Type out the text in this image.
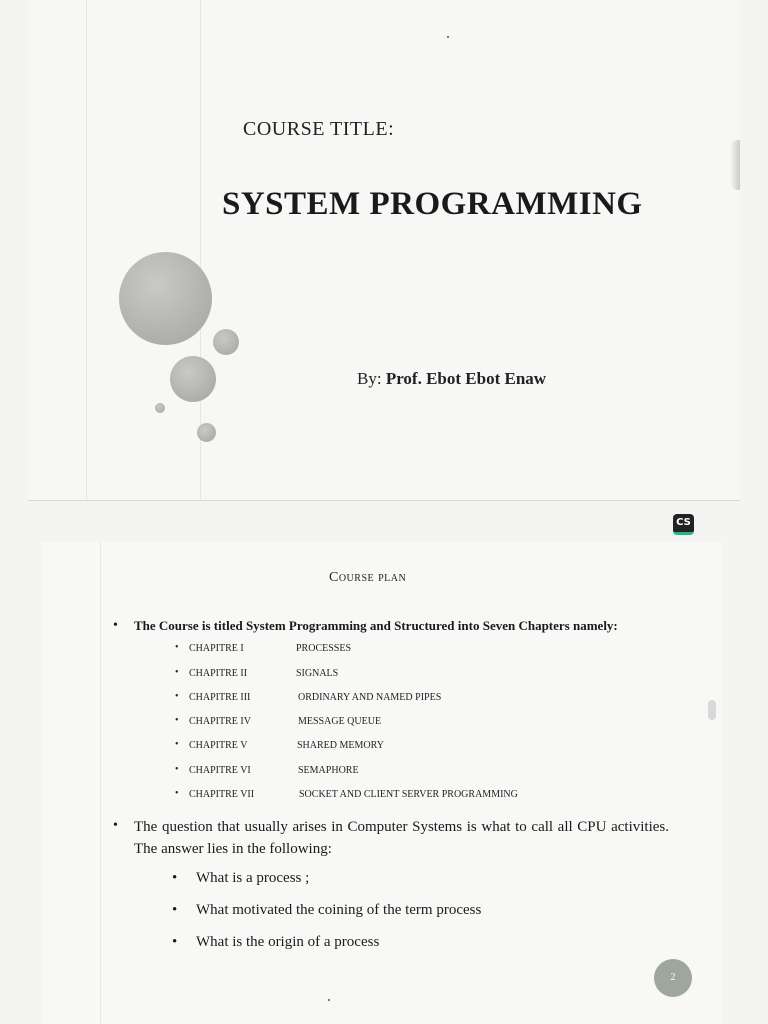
COURSE TITLE:
SYSTEM PROGRAMMING
By: Prof. Ebot Ebot Enaw
CS
Course plan
• The Course is titled System Programming and Structured into Seven Chapters namely:
• CHAPITRE I	PROCESSES
• CHAPITRE II	SIGNALS
• CHAPITRE III	ORDINARY AND NAMED PIPES
• CHAPITRE IV	MESSAGE QUEUE
• CHAPITRE V	SHARED MEMORY
• CHAPITRE VI	SEMAPHORE
• CHAPITRE VII	SOCKET AND CLIENT SERVER PROGRAMMING
• The question that usually arises in Computer Systems is what to call all CPU activities. The answer lies in the following:
• What is a process ;
• What motivated the coining of the term process
• What is the origin of a process
2
